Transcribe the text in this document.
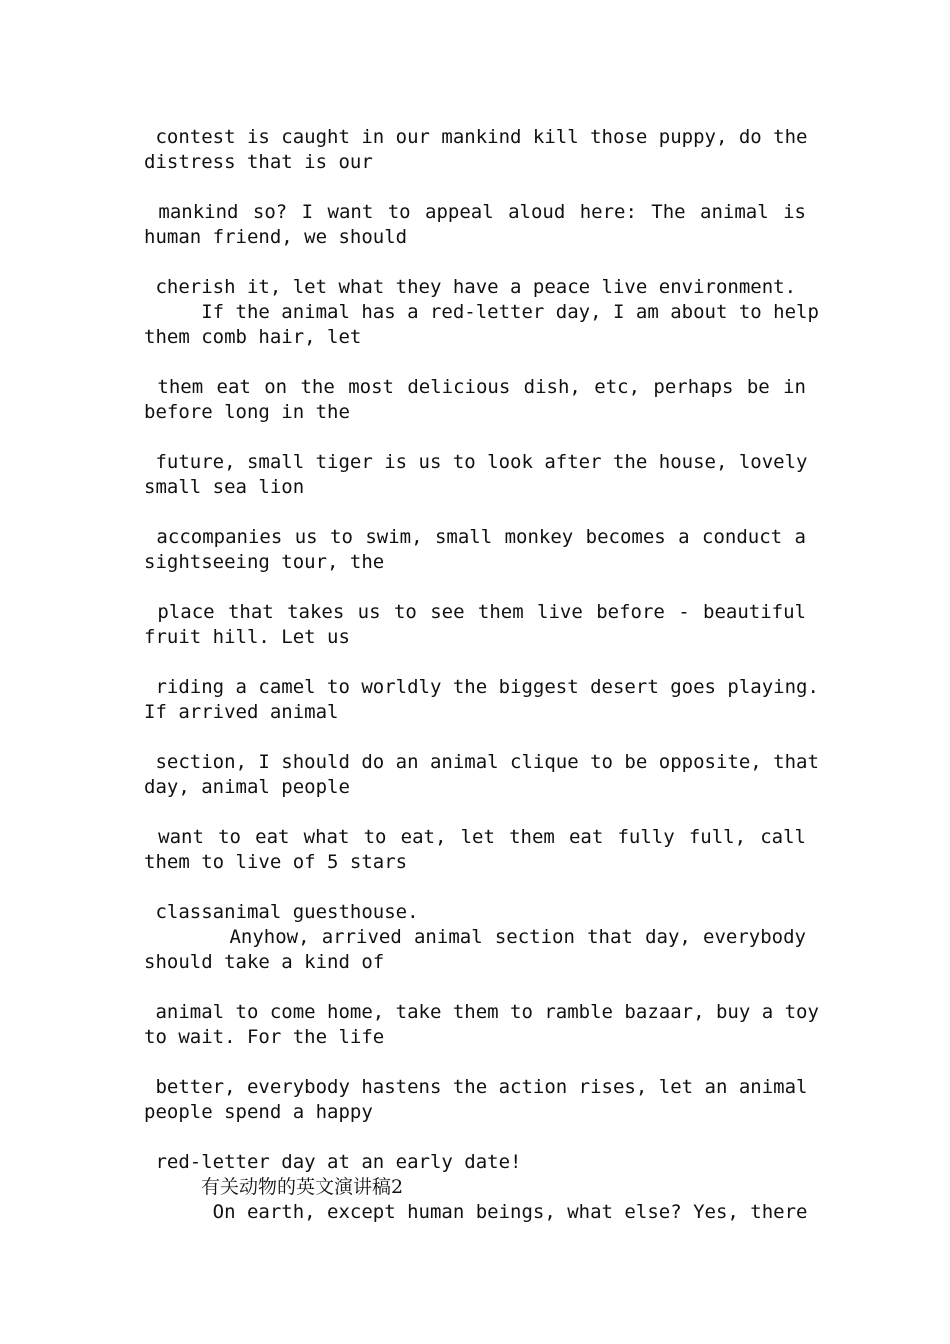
contest is caught in our mankind kill those puppy, do the
distress that is our
mankind so? I want to appeal aloud here: The animal is
human friend, we should
cherish it, let what they have a peace live environment.
If the animal has a red-letter day, I am about to help
them comb hair, let
them eat on the most delicious dish, etc, perhaps be in
before long in the
future, small tiger is us to look after the house, lovely
small sea lion
accompanies us to swim, small monkey becomes a conduct a
sightseeing tour, the
place that takes us to see them live before - beautiful
fruit hill. Let us
riding a camel to worldly the biggest desert goes playing.
If arrived animal
section, I should do an animal clique to be opposite, that
day, animal people
want to eat what to eat, let them eat fully full, call
them to live of 5 stars
classanimal guesthouse.
Anyhow, arrived animal section that day, everybody
should take a kind of
animal to come home, take them to ramble bazaar, buy a toy
to wait. For the life
better, everybody hastens the action rises, let an animal
people spend a happy
red-letter day at an early date!
有关动物的英文演讲稿2
On earth, except human beings, what else? Yes, there
